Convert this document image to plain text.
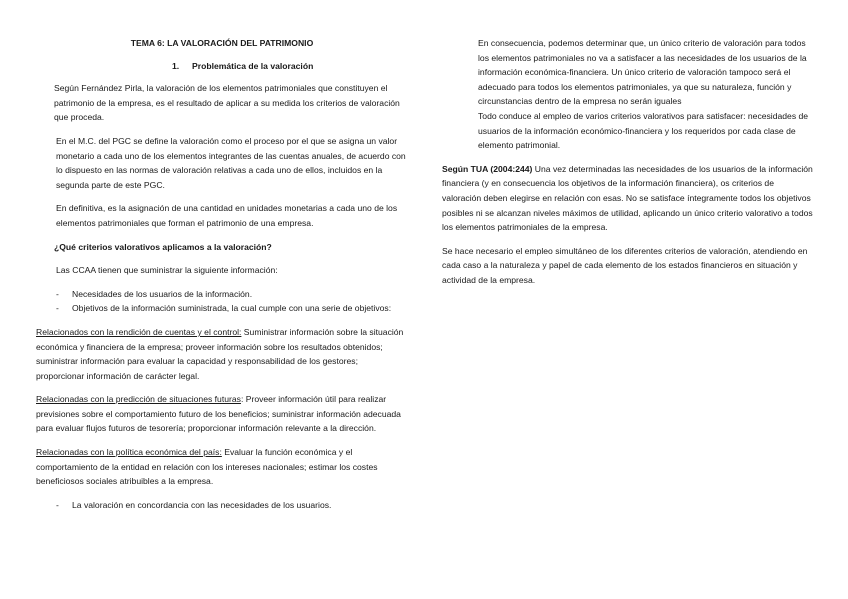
TEMA 6: LA VALORACIÓN DEL PATRIMONIO

1. Problemática de la valoración

Según Fernández Pirla, la valoración de los elementos patrimoniales que constituyen el patrimonio de la empresa, es el resultado de aplicar a su medida los criterios de valoración que proceda.

En el M.C. del PGC se define la valoración como el proceso por el que se asigna un valor monetario a cada uno de los elementos integrantes de las cuentas anuales, de acuerdo con lo dispuesto en las normas de valoración relativas a cada uno de ellos, incluidos en la segunda parte de este PGC.

En definitiva, es la asignación de una cantidad en unidades monetarias a cada uno de los elementos patrimoniales que forman el patrimonio de una empresa.

¿Qué criterios valorativos aplicamos a la valoración?

Las CCAA tienen que suministrar la siguiente información:

- Necesidades de los usuarios de la información.
- Objetivos de la información suministrada, la cual cumple con una serie de objetivos:

Relacionados con la rendición de cuentas y el control: Suministrar información sobre la situación económica y financiera de la empresa; proveer información sobre los resultados obtenidos; suministrar información para evaluar la capacidad y responsabilidad de los gestores; proporcionar información de carácter legal.

Relacionadas con la predicción de situaciones futuras: Proveer información útil para realizar previsiones sobre el comportamiento futuro de los beneficios; suministrar información adecuada para evaluar flujos futuros de tesorería; proporcionar información relevante a la dirección.

Relacionadas con la política económica del país: Evaluar la función económica y el comportamiento de la entidad en relación con los intereses nacionales; estimar los costes beneficiosos sociales atribuibles a la empresa.

- La valoración en concordancia con las necesidades de los usuarios.

En consecuencia, podemos determinar que, un único criterio de valoración para todos los elementos patrimoniales no va a satisfacer a las necesidades de los usuarios de la información económica-financiera. Un único criterio de valoración tampoco será el adecuado para todos los elementos patrimoniales, ya que su naturaleza, función y circunstancias dentro de la empresa no serán iguales

Todo conduce al empleo de varios criterios valorativos para satisfacer: necesidades de usuarios de la información económico-financiera y los requeridos por cada clase de elemento patrimonial.

Según TUA (2004:244) Una vez determinadas las necesidades de los usuarios de la información financiera (y en consecuencia los objetivos de la información financiera), os criterios de valoración deben elegirse en relación con esas. No se satisface íntegramente todos los objetivos posibles ni se alcanzan niveles máximos de utilidad, aplicando un único criterio valorativo a todos los elementos patrimoniales de la empresa.

Se hace necesario el empleo simultáneo de los diferentes criterios de valoración, atendiendo en cada caso a la naturaleza y papel de cada elemento de los estados financieros en situación y actividad de la empresa.
